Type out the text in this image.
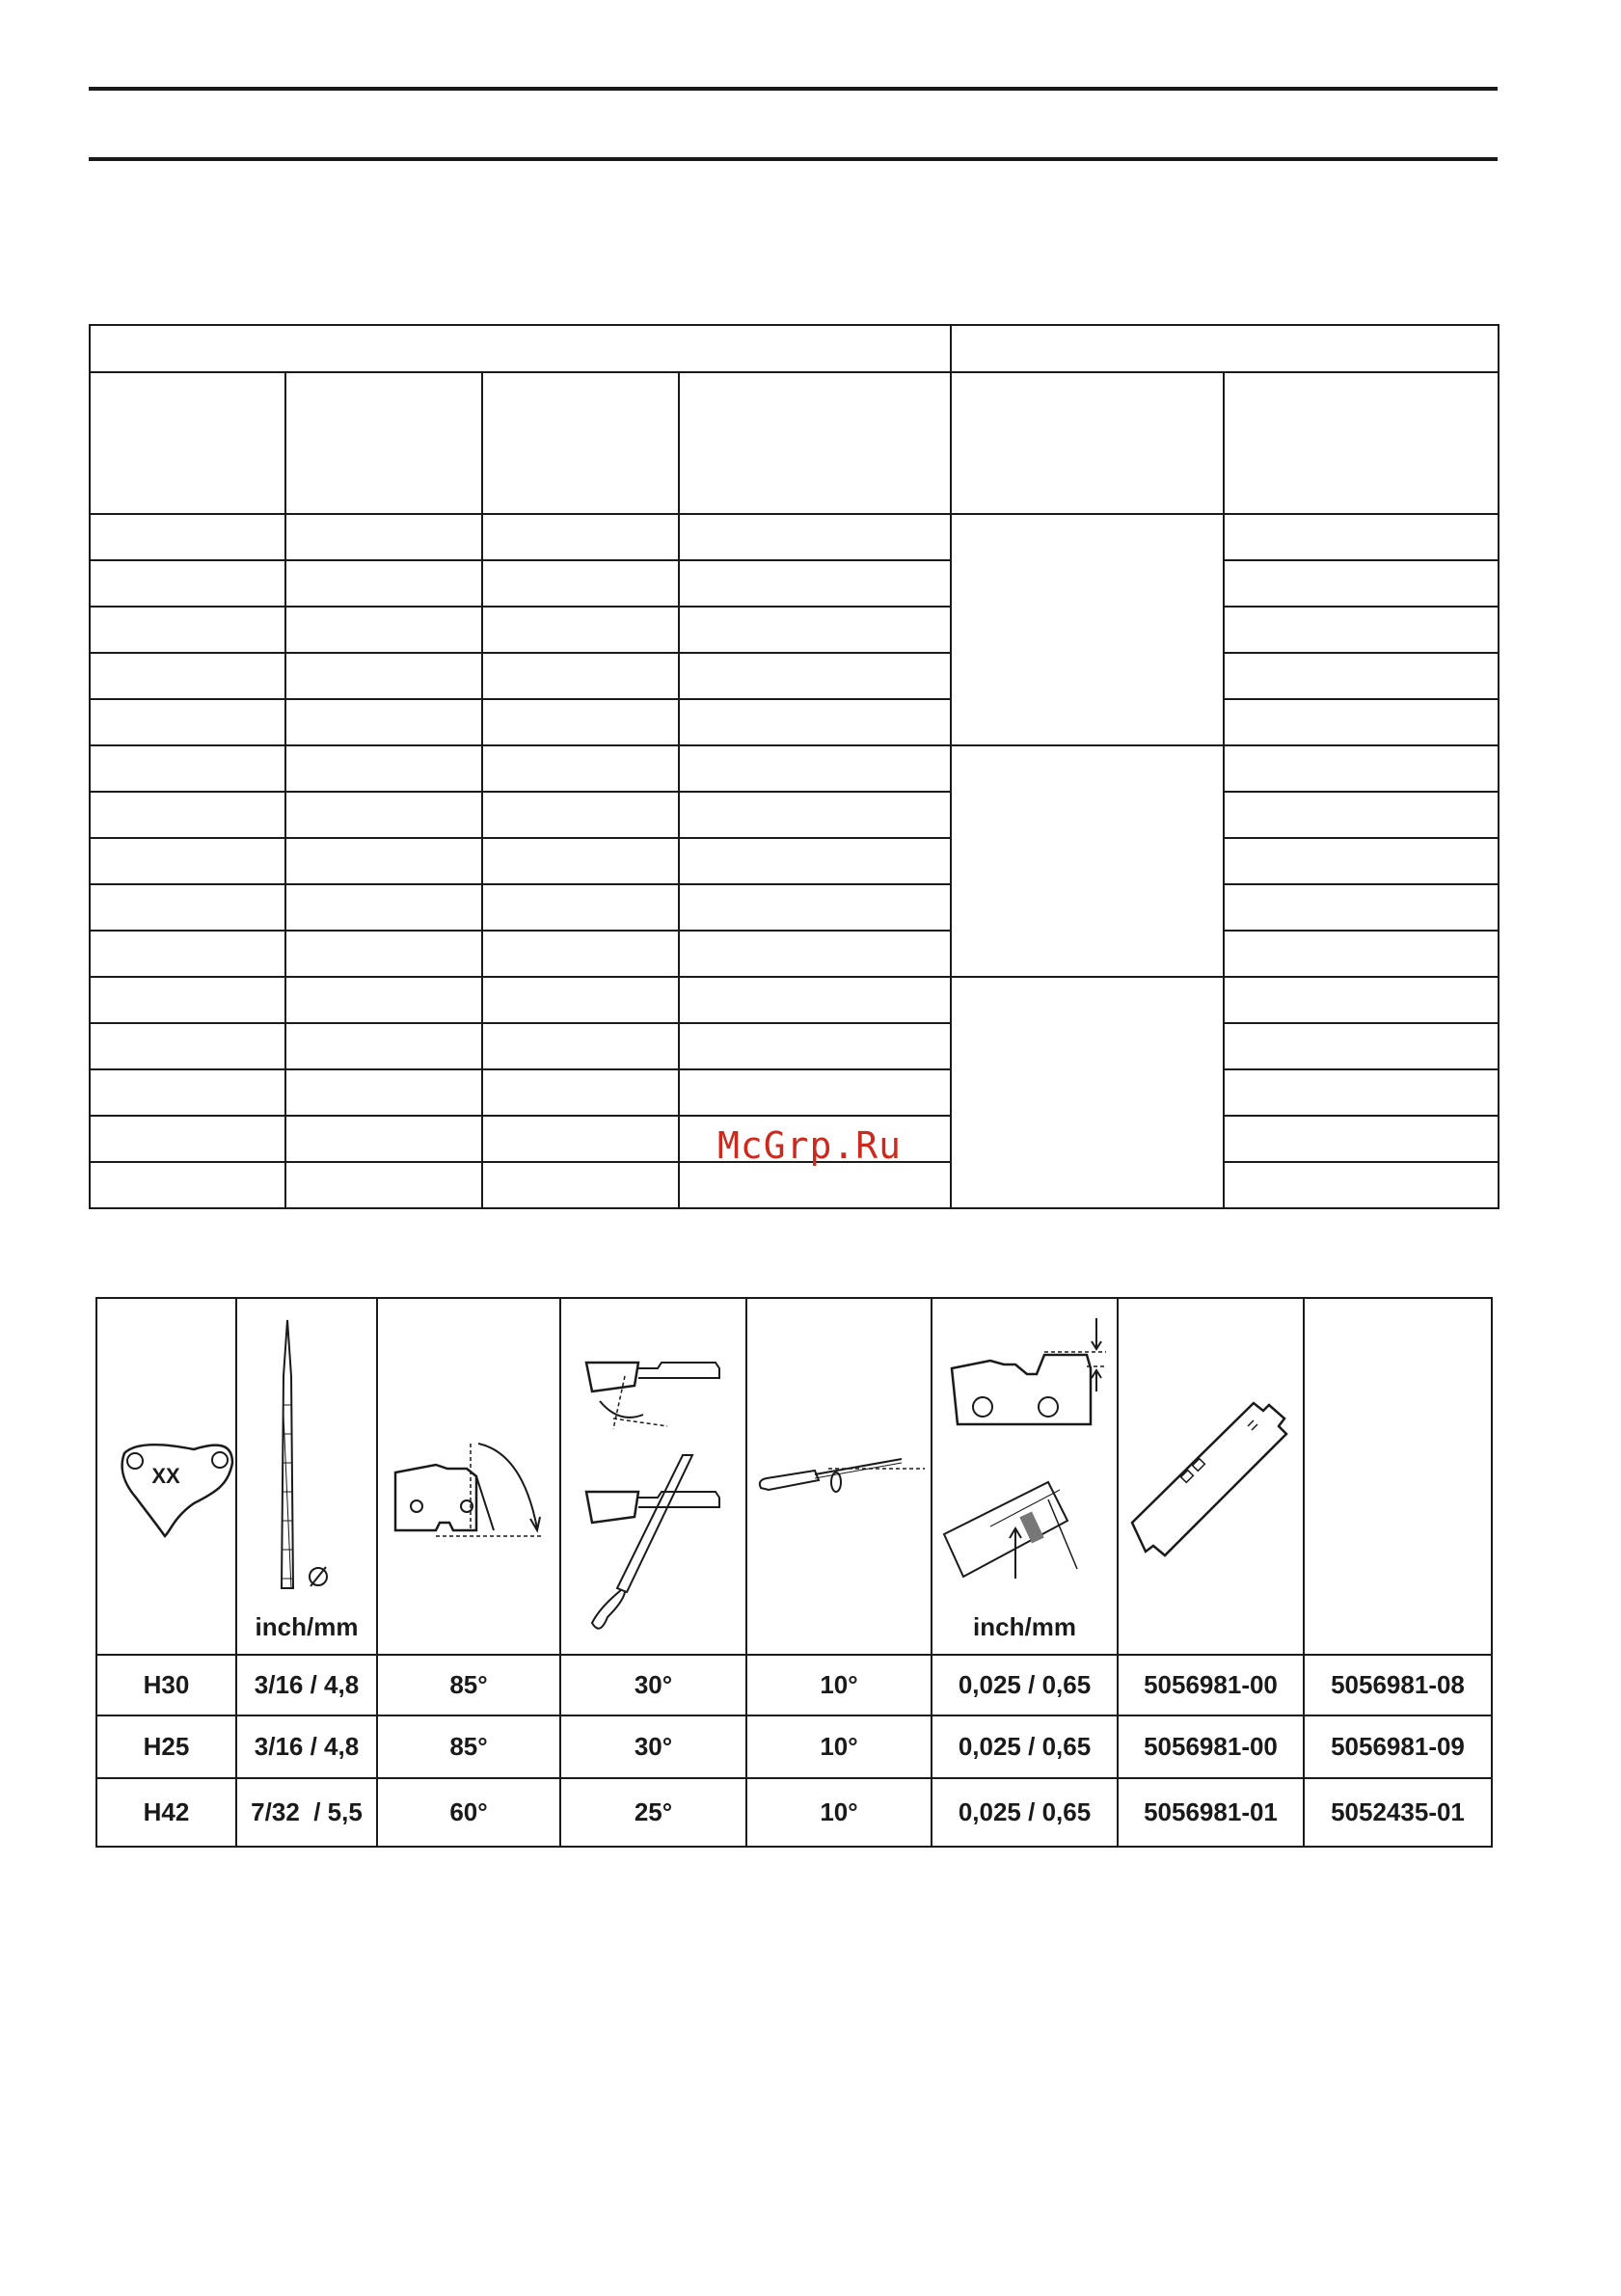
McGrp.Ru
XX	inch/mm				inch/mm

H30	3/16 / 4,8	85°	30°	10°	0,025 / 0,65	5056981-00	5056981-08
H25	3/16 / 4,8	85°	30°	10°	0,025 / 0,65	5056981-00	5056981-09
H42	7/32  / 5,5	60°	25°	10°	0,025 / 0,65	5056981-01	5052435-01
